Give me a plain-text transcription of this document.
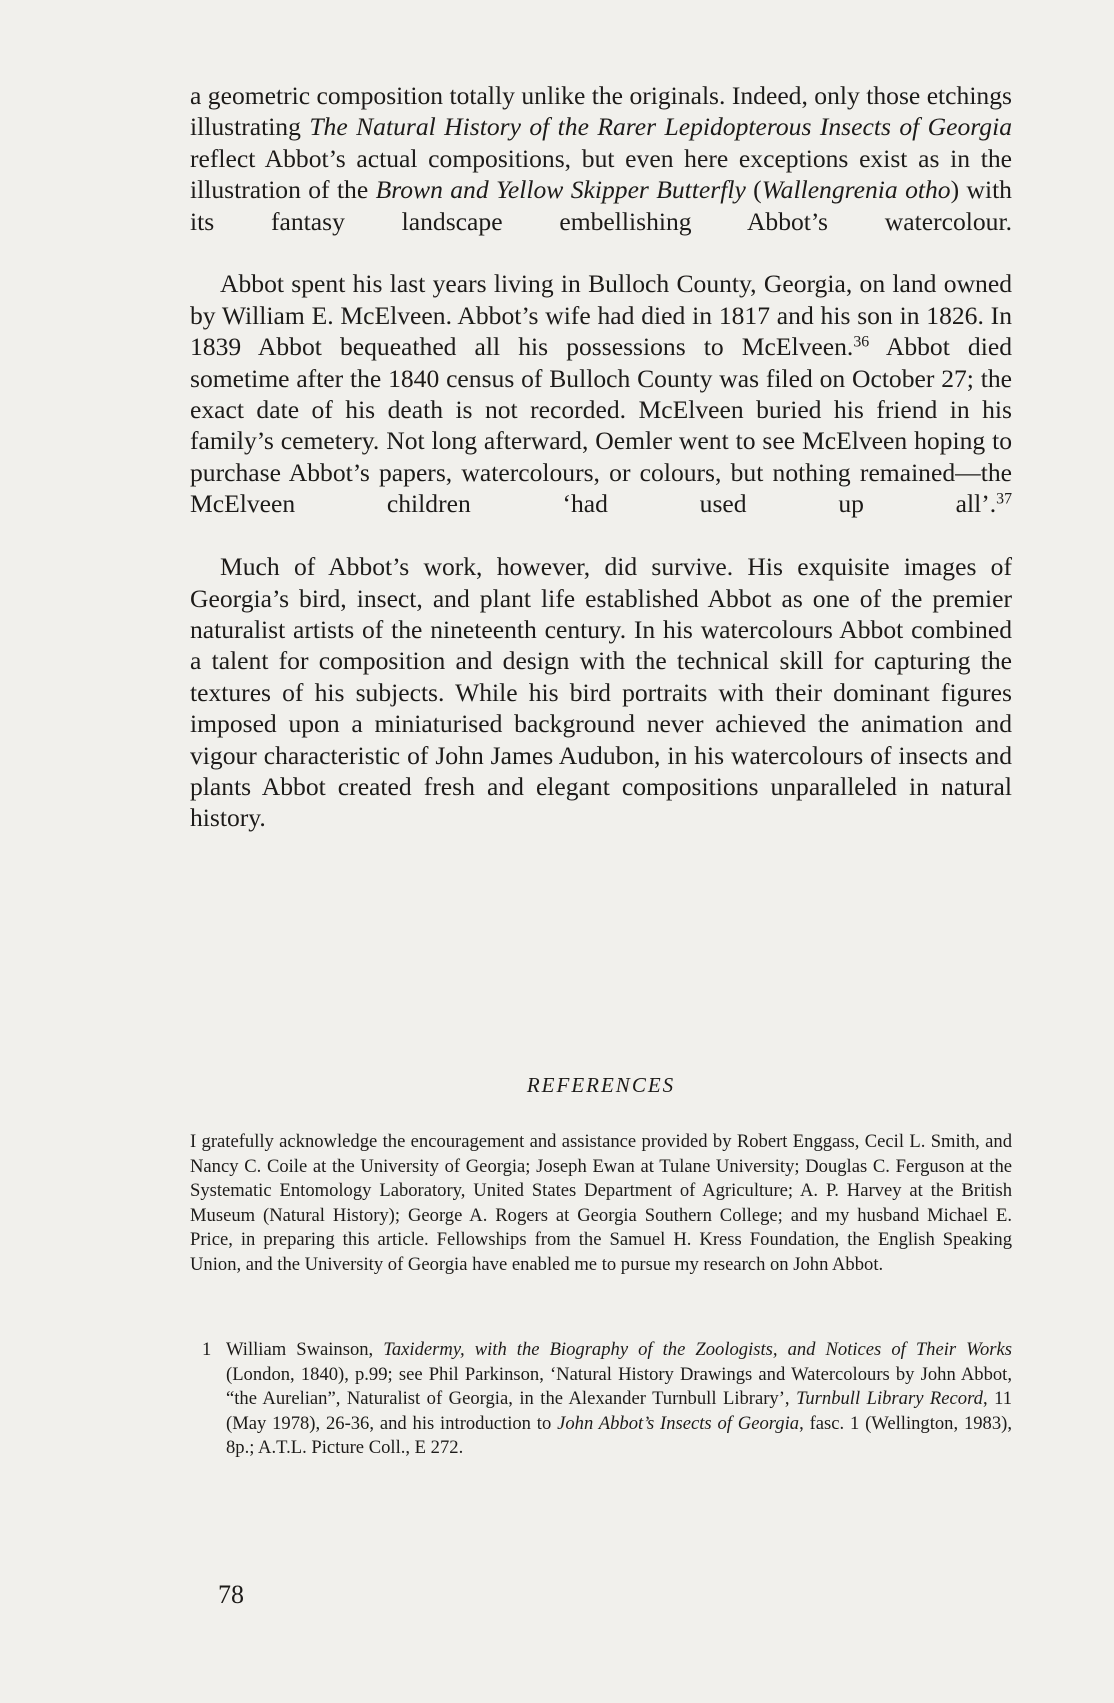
a geometric composition totally unlike the originals. Indeed, only those etchings illustrating The Natural History of the Rarer Lepidopterous Insects of Georgia reflect Abbot’s actual compositions, but even here exceptions exist as in the illustration of the Brown and Yellow Skipper Butterfly (Wallengrenia otho) with its fantasy landscape embellishing Abbot’s watercolour.

Abbot spent his last years living in Bulloch County, Georgia, on land owned by William E. McElveen. Abbot’s wife had died in 1817 and his son in 1826. In 1839 Abbot bequeathed all his possessions to McElveen.$^{36}$ Abbot died sometime after the 1840 census of Bulloch County was filed on October 27; the exact date of his death is not recorded. McElveen buried his friend in his family’s cemetery. Not long afterward, Oemler went to see McElveen hoping to purchase Abbot’s papers, watercolours, or colours, but nothing remained—the McElveen children ‘had used up all’.$^{37}$

Much of Abbot’s work, however, did survive. His exquisite images of Georgia’s bird, insect, and plant life established Abbot as one of the premier naturalist artists of the nineteenth century. In his watercolours Abbot combined a talent for composition and design with the technical skill for capturing the textures of his subjects. While his bird portraits with their dominant figures imposed upon a miniaturised background never achieved the animation and vigour characteristic of John James Audubon, in his watercolours of insects and plants Abbot created fresh and elegant compositions unparalleled in natural history.

REFERENCES

I gratefully acknowledge the encouragement and assistance provided by Robert Enggass, Cecil L. Smith, and Nancy C. Coile at the University of Georgia; Joseph Ewan at Tulane University; Douglas C. Ferguson at the Systematic Entomology Laboratory, United States Department of Agriculture; A. P. Harvey at the British Museum (Natural History); George A. Rogers at Georgia Southern College; and my husband Michael E. Price, in preparing this article. Fellowships from the Samuel H. Kress Foundation, the English Speaking Union, and the University of Georgia have enabled me to pursue my research on John Abbot.

1 William Swainson, Taxidermy, with the Biography of the Zoologists, and Notices of Their Works (London, 1840), p.99; see Phil Parkinson, ‘Natural History Drawings and Watercolours by John Abbot, “the Aurelian”, Naturalist of Georgia, in the Alexander Turnbull Library’, Turnbull Library Record, 11 (May 1978), 26-36, and his introduction to John Abbot’s Insects of Georgia, fasc. 1 (Wellington, 1983), 8p.; A.T.L. Picture Coll., E 272.
78
